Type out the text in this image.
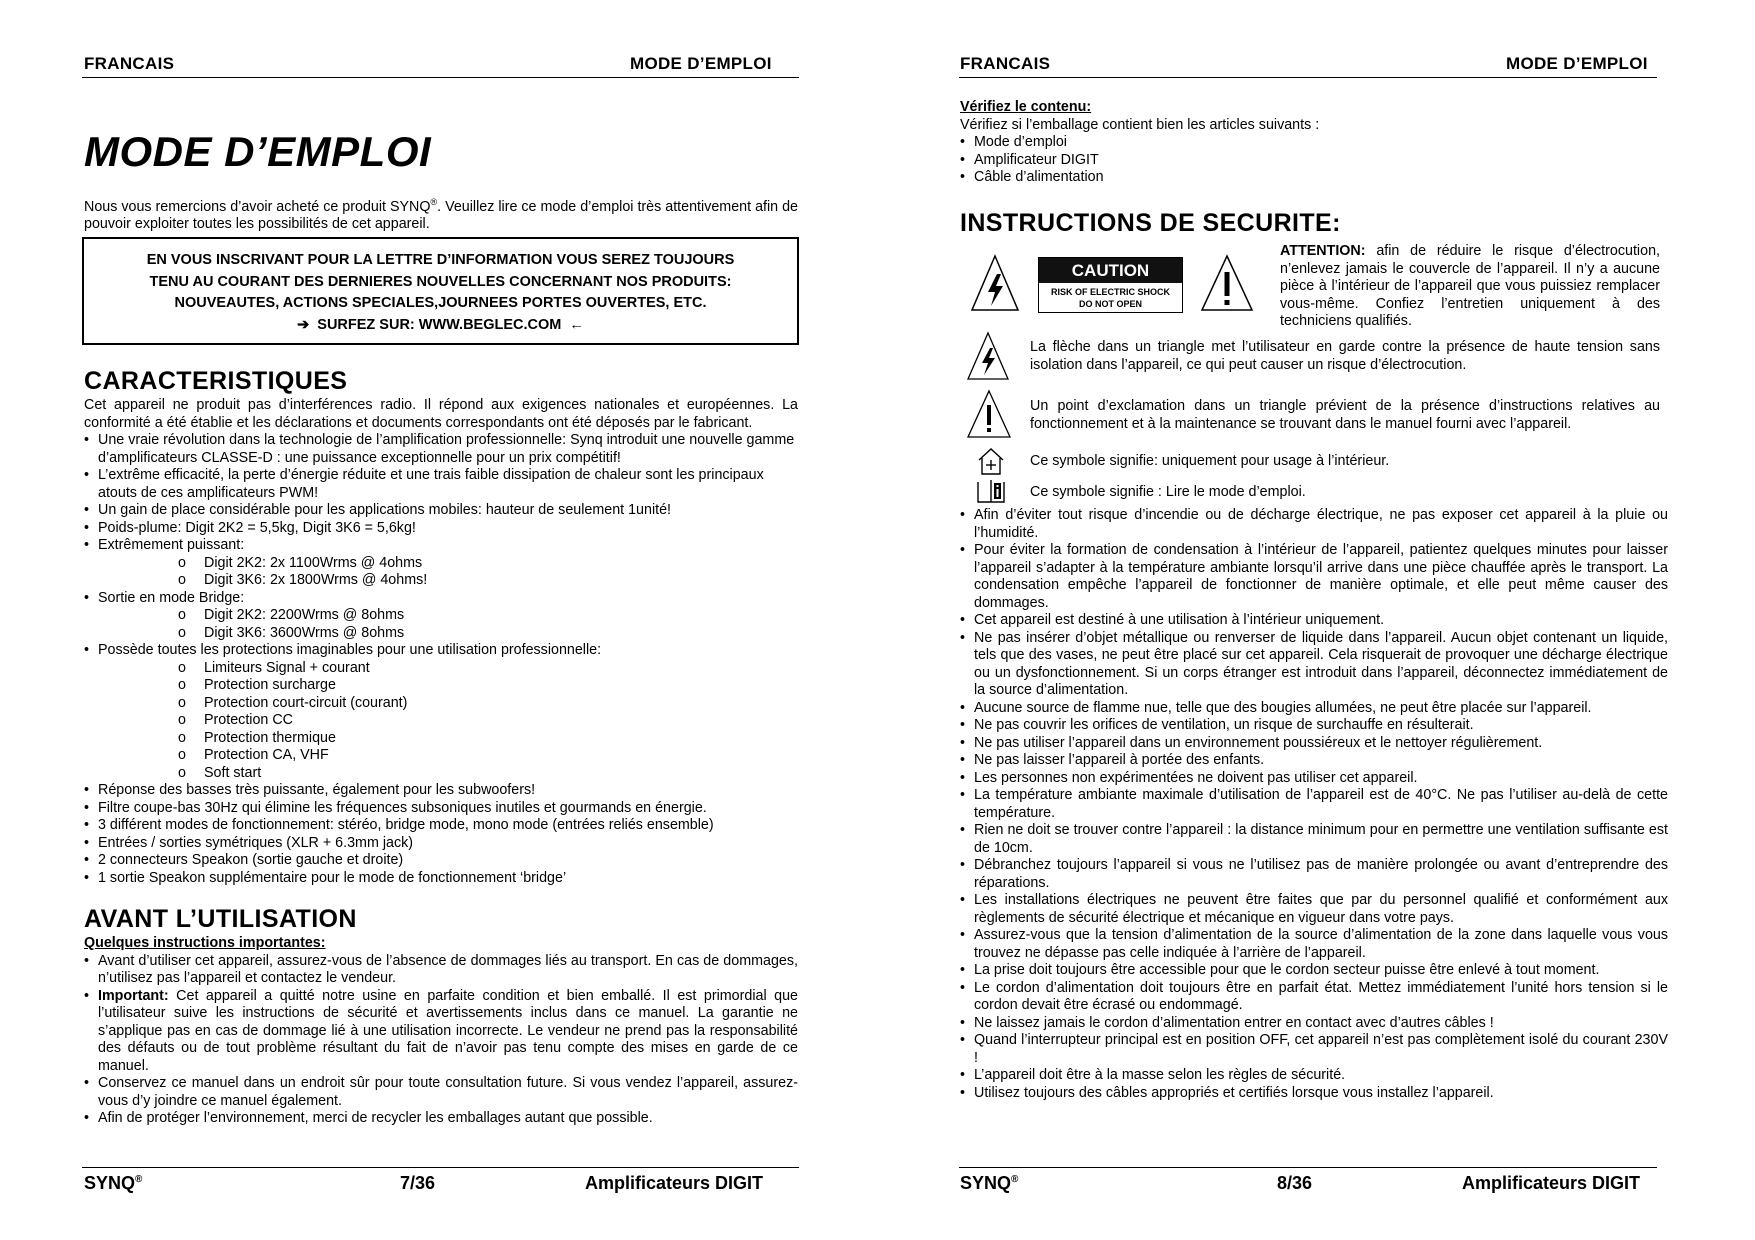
FRANCAIS	MODE D’EMPLOI
MODE D’EMPLOI

Nous vous remercions d’avoir acheté ce produit SYNQ®. Veuillez lire ce mode d’emploi très attentivement afin de pouvoir exploiter toutes les possibilités de cet appareil.

EN VOUS INSCRIVANT POUR LA LETTRE D’INFORMATION VOUS SEREZ TOUJOURS
TENU AU COURANT DES DERNIERES NOUVELLES CONCERNANT NOS PRODUITS:
NOUVEAUTES, ACTIONS SPECIALES,JOURNEES PORTES OUVERTES, ETC.
➔ SURFEZ SUR: WWW.BEGLEC.COM ←
CARACTERISTIQUES
Cet appareil ne produit pas d’interférences radio. Il répond aux exigences nationales et européennes. La conformité a été établie et les déclarations et documents correspondants ont été déposés par le fabricant.
• Une vraie révolution dans la technologie de l’amplification professionnelle: Synq introduit une nouvelle gamme d’amplificateurs CLASSE-D : une puissance exceptionnelle pour un prix compétitif!
• L’extrême efficacité, la perte d’énergie réduite et une trais faible dissipation de chaleur sont les principaux atouts de ces amplificateurs PWM!
• Un gain de place considérable pour les applications mobiles: hauteur de seulement 1unité!
• Poids-plume: Digit 2K2 = 5,5kg, Digit 3K6 = 5,6kg!
• Extrêmement puissant:
o Digit 2K2: 2x 1100Wrms @ 4ohms
o Digit 3K6: 2x 1800Wrms @ 4ohms!
• Sortie en mode Bridge:
o Digit 2K2: 2200Wrms @ 8ohms
o Digit 3K6: 3600Wrms @ 8ohms
• Possède toutes les protections imaginables pour une utilisation professionnelle:
o Limiteurs Signal + courant
o Protection surcharge
o Protection court-circuit (courant)
o Protection CC
o Protection thermique
o Protection CA, VHF
o Soft start
• Réponse des basses très puissante, également pour les subwoofers!
• Filtre coupe-bas 30Hz qui élimine les fréquences subsoniques inutiles et gourmands en énergie.
• 3 différent modes de fonctionnement: stéréo, bridge mode, mono mode (entrées reliés ensemble)
• Entrées / sorties symétriques (XLR + 6.3mm jack)
• 2 connecteurs Speakon (sortie gauche et droite)
• 1 sortie Speakon supplémentaire pour le mode de fonctionnement ‘bridge’
AVANT L’UTILISATION
Quelques instructions importantes:
• Avant d’utiliser cet appareil, assurez-vous de l’absence de dommages liés au transport. En cas de dommages, n’utilisez pas l’appareil et contactez le vendeur.
• Important: Cet appareil a quitté notre usine en parfaite condition et bien emballé. Il est primordial que l’utilisateur suive les instructions de sécurité et avertissements inclus dans ce manuel. La garantie ne s’applique pas en cas de dommage lié à une utilisation incorrecte. Le vendeur ne prend pas la responsabilité des défauts ou de tout problème résultant du fait de n’avoir pas tenu compte des mises en garde de ce manuel.
• Conservez ce manuel dans un endroit sûr pour toute consultation future. Si vous vendez l’appareil, assurez-vous d’y joindre ce manuel également.
• Afin de protéger l’environnement, merci de recycler les emballages autant que possible.
SYNQ®	7/36	Amplificateurs DIGIT
FRANCAIS	MODE D’EMPLOI
Vérifiez le contenu:
Vérifiez si l’emballage contient bien les articles suivants :
• Mode d’emploi
• Amplificateur DIGIT
• Câble d’alimentation
INSTRUCTIONS DE SECURITE:
CAUTION
RISK OF ELECTRIC SHOCK
DO NOT OPEN
ATTENTION: afin de réduire le risque d’électrocution, n’enlevez jamais le couvercle de l’appareil. Il n’y a aucune pièce à l’intérieur de l’appareil que vous puissiez remplacer vous-même. Confiez l’entretien uniquement à des techniciens qualifiés.
La flèche dans un triangle met l’utilisateur en garde contre la présence de haute tension sans isolation dans l’appareil, ce qui peut causer un risque d’électrocution.
Un point d’exclamation dans un triangle prévient de la présence d’instructions relatives au fonctionnement et à la maintenance se trouvant dans le manuel fourni avec l’appareil.
Ce symbole signifie: uniquement pour usage à l’intérieur.
Ce symbole signifie : Lire le mode d’emploi.
• Afin d’éviter tout risque d’incendie ou de décharge électrique, ne pas exposer cet appareil à la pluie ou l’humidité.
• Pour éviter la formation de condensation à l’intérieur de l’appareil, patientez quelques minutes pour laisser l’appareil s’adapter à la température ambiante lorsqu’il arrive dans une pièce chauffée après le transport. La condensation empêche l’appareil de fonctionner de manière optimale, et elle peut même causer des dommages.
• Cet appareil est destiné à une utilisation à l’intérieur uniquement.
• Ne pas insérer d’objet métallique ou renverser de liquide dans l’appareil. Aucun objet contenant un liquide, tels que des vases, ne peut être placé sur cet appareil. Cela risquerait de provoquer une décharge électrique ou un dysfonctionnement. Si un corps étranger est introduit dans l’appareil, déconnectez immédiatement de la source d’alimentation.
• Aucune source de flamme nue, telle que des bougies allumées, ne peut être placée sur l’appareil.
• Ne pas couvrir les orifices de ventilation, un risque de surchauffe en résulterait.
• Ne pas utiliser l’appareil dans un environnement poussiéreux et le nettoyer régulièrement.
• Ne pas laisser l’appareil à portée des enfants.
• Les personnes non expérimentées ne doivent pas utiliser cet appareil.
• La température ambiante maximale d’utilisation de l’appareil est de 40°C. Ne pas l’utiliser au-delà de cette température.
• Rien ne doit se trouver contre l’appareil : la distance minimum pour en permettre une ventilation suffisante est de 10cm.
• Débranchez toujours l’appareil si vous ne l’utilisez pas de manière prolongée ou avant d’entreprendre des réparations.
• Les installations électriques ne peuvent être faites que par du personnel qualifié et conformément aux règlements de sécurité électrique et mécanique en vigueur dans votre pays.
• Assurez-vous que la tension d’alimentation de la source d’alimentation de la zone dans laquelle vous vous trouvez ne dépasse pas celle indiquée à l’arrière de l’appareil.
• La prise doit toujours être accessible pour que le cordon secteur puisse être enlevé à tout moment.
• Le cordon d’alimentation doit toujours être en parfait état. Mettez immédiatement l’unité hors tension si le cordon devait être écrasé ou endommagé.
• Ne laissez jamais le cordon d’alimentation entrer en contact avec d’autres câbles !
• Quand l’interrupteur principal est en position OFF, cet appareil n’est pas complètement isolé du courant 230V !
• L’appareil doit être à la masse selon les règles de sécurité.
• Utilisez toujours des câbles appropriés et certifiés lorsque vous installez l’appareil.
SYNQ®	8/36	Amplificateurs DIGIT
